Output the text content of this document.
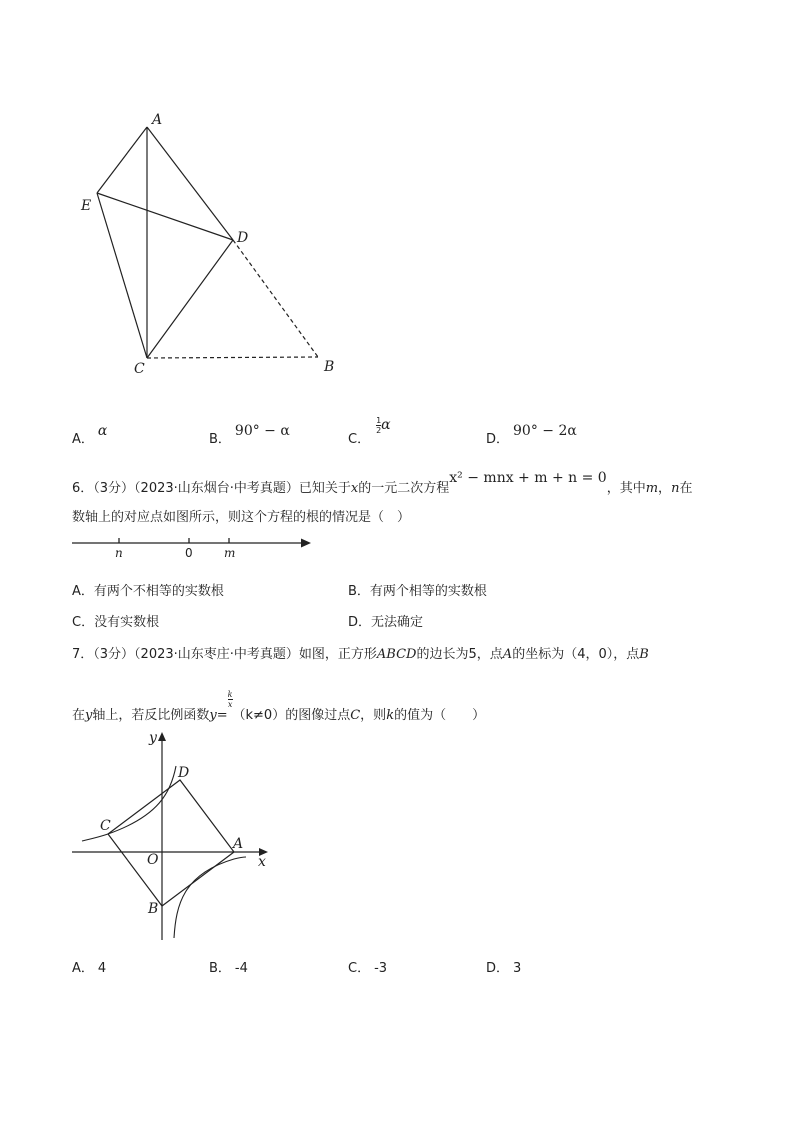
A
E
D
C	B
A．α
B．90° − α
C．
$\frac{1}{2}$ α
D．90° − 2α
6．（3分）（2023·山东烟台·中考真题）已知关于x的一元二次方程x² − mnx + m + n = 0，其中m，n在
数轴上的对应点如图所示，则这个方程的根的情况是（　）
n	0	m
A．有两个不相等的实数根	B．有两个相等的实数根
C．没有实数根	D．无法确定
7．（3分）（2023·山东枣庄·中考真题）如图，正方形ABCD的边长为5，点A的坐标为（4，0），点B
在y轴上，若反比例函数y=
$\frac{k}{x}$
（k≠0）的图像过点C，则k的值为（　　）
y
x
D
C
O
A
B
A． 4	B． -4	C． -3	D． 3
